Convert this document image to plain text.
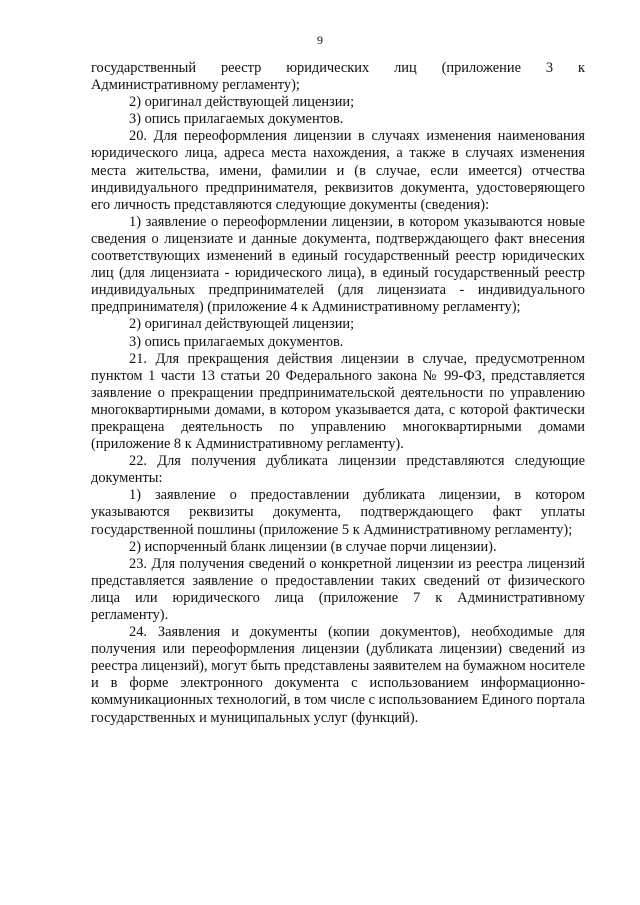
9

государственный реестр юридических лиц (приложение 3 к Административному регламенту);

2) оригинал действующей лицензии;

3) опись прилагаемых документов.

20. Для переоформления лицензии в случаях изменения наименования юридического лица, адреса места нахождения, а также в случаях изменения места жительства, имени, фамилии и (в случае, если имеется) отчества индивидуального предпринимателя, реквизитов документа, удостоверяющего его личность представляются следующие документы (сведения):

1) заявление о переоформлении лицензии, в котором указываются новые сведения о лицензиате и данные документа, подтверждающего факт внесения соответствующих изменений в единый государственный реестр юридических лиц (для лицензиата - юридического лица), в единый государственный реестр индивидуальных предпринимателей (для лицензиата - индивидуального предпринимателя) (приложение 4 к Административному регламенту);

2) оригинал действующей лицензии;

3) опись прилагаемых документов.

21. Для прекращения действия лицензии в случае, предусмотренном пунктом 1 части 13 статьи 20 Федерального закона № 99-ФЗ, представляется заявление о прекращении предпринимательской деятельности по управлению многоквартирными домами, в котором указывается дата, с которой фактически прекращена деятельность по управлению многоквартирными домами (приложение 8 к Административному регламенту).

22. Для получения дубликата лицензии представляются следующие документы:

1) заявление о предоставлении дубликата лицензии, в котором указываются реквизиты документа, подтверждающего факт уплаты государственной пошлины (приложение 5 к Административному регламенту);

2) испорченный бланк лицензии (в случае порчи лицензии).

23. Для получения сведений о конкретной лицензии из реестра лицензий представляется заявление о предоставлении таких сведений от физического лица или юридического лица (приложение 7 к Административному регламенту).

24. Заявления и документы (копии документов), необходимые для получения или переоформления лицензии (дубликата лицензии) сведений из реестра лицензий), могут быть представлены заявителем на бумажном носителе и в форме электронного документа с использованием информационно-коммуникационных технологий, в том числе с использованием Единого портала государственных и муниципальных услуг (функций).
